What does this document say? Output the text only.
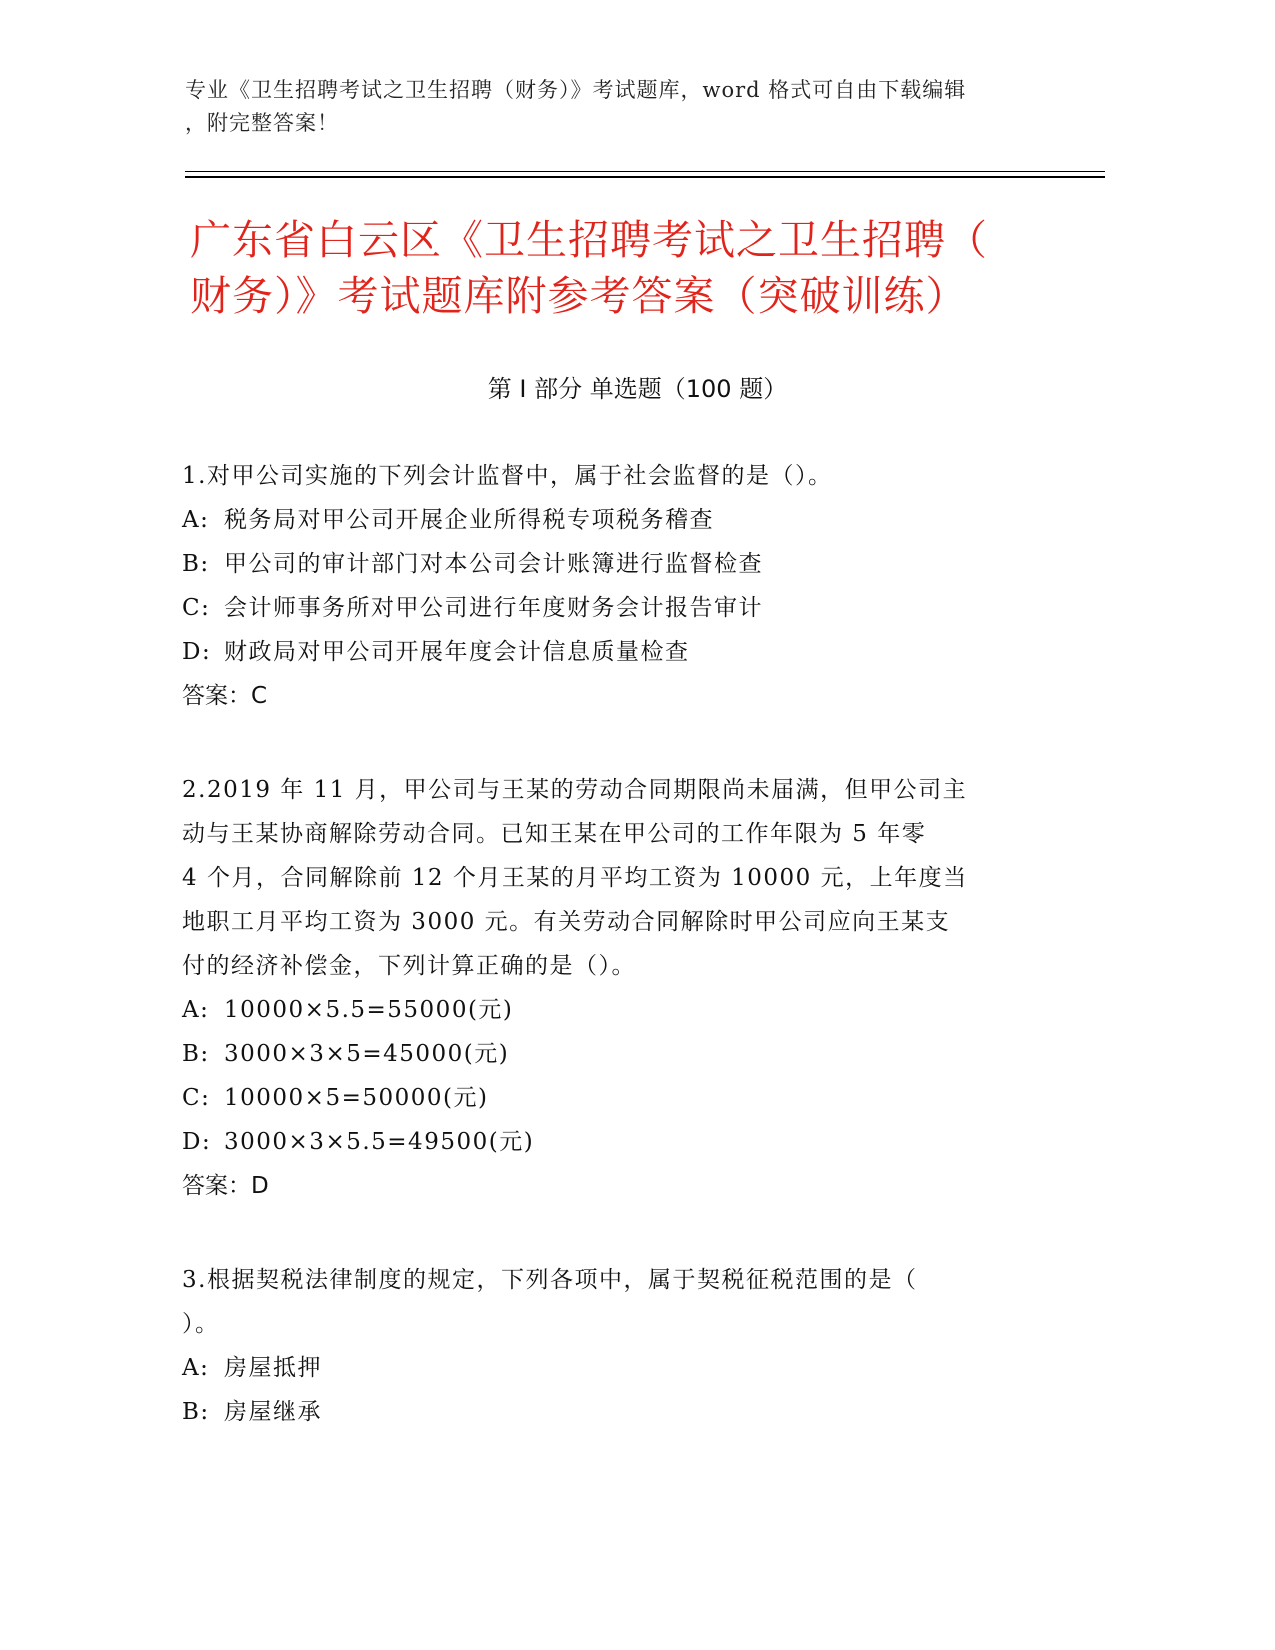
专业《卫生招聘考试之卫生招聘（财务）》考试题库，word 格式可自由下载编辑
，附完整答案！
广东省白云区《卫生招聘考试之卫生招聘（
财务）》考试题库附参考答案（突破训练）
第 I 部分 单选题（100 题）

1.对甲公司实施的下列会计监督中，属于社会监督的是（）。

A: 税务局对甲公司开展企业所得税专项税务稽查

B: 甲公司的审计部门对本公司会计账簿进行监督检查

C: 会计师事务所对甲公司进行年度财务会计报告审计

D: 财政局对甲公司开展年度会计信息质量检查

答案：C

2.2019 年 11 月，甲公司与王某的劳动合同期限尚未届满，但甲公司主

动与王某协商解除劳动合同。已知王某在甲公司的工作年限为 5 年零

4 个月，合同解除前 12 个月王某的月平均工资为 10000 元，上年度当

地职工月平均工资为 3000 元。有关劳动合同解除时甲公司应向王某支

付的经济补偿金，下列计算正确的是（）。

A: 10000×5.5=55000(元)

B: 3000×3×5=45000(元)

C: 10000×5=50000(元)

D: 3000×3×5.5=49500(元)

答案：D

3.根据契税法律制度的规定，下列各项中，属于契税征税范围的是（

）。

A: 房屋抵押

B: 房屋继承
